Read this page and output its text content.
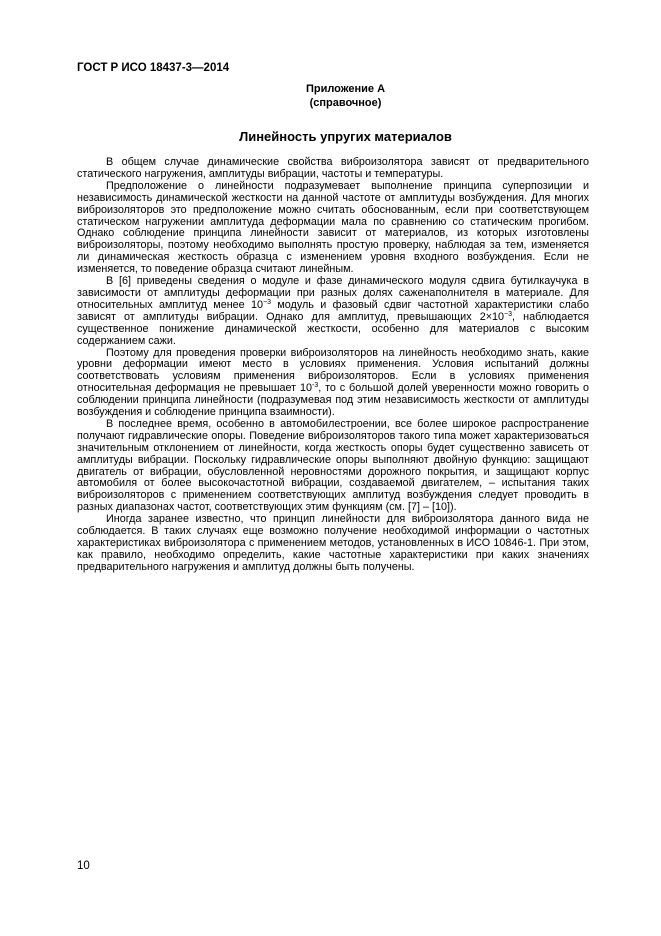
ГОСТ Р ИСО 18437-3—2014
Приложение А
(справочное)
Линейность упругих материалов

В общем случае динамические свойства виброизолятора зависят от предварительного статического нагружения, амплитуды вибрации, частоты и температуры.

Предположение о линейности подразумевает выполнение принципа суперпозиции и независимость динамической жесткости на данной частоте от амплитуды возбуждения. Для многих виброизоляторов это предположение можно считать обоснованным, если при соответствующем статическом нагружении амплитуда деформации мала по сравнению со статическим прогибом. Однако соблюдение принципа линейности зависит от материалов, из которых изготовлены виброизоляторы, поэтому необходимо выполнять простую проверку, наблюдая за тем, изменяется ли динамическая жесткость образца с изменением уровня входного возбуждения. Если не изменяется, то поведение образца считают линейным.

В [6] приведены сведения о модуле и фазе динамического модуля сдвига бутилкаучука в зависимости от амплитуды деформации при разных долях саженаполнителя в материале. Для относительных амплитуд менее $10^{-3}$ модуль и фазовый сдвиг частотной характеристики слабо зависят от амплитуды вибрации. Однако для амплитуд, превышающих $2\times 10^{-3}$, наблюдается существенное понижение динамической жесткости, особенно для материалов с высоким содержанием сажи.

Поэтому для проведения проверки виброизоляторов на линейность необходимо знать, какие уровни деформации имеют место в условиях применения. Условия испытаний должны соответствовать условиям применения виброизоляторов. Если в условиях применения относительная деформация не превышает $10^{-3}$, то с большой долей уверенности можно говорить о соблюдении принципа линейности (подразумевая под этим независимость жесткости от амплитуды возбуждения и соблюдение принципа взаимности).

В последнее время, особенно в автомобилестроении, все более широкое распространение получают гидравлические опоры. Поведение виброизоляторов такого типа может характеризоваться значительным отклонением от линейности, когда жесткость опоры будет существенно зависеть от амплитуды вибрации. Поскольку гидравлические опоры выполняют двойную функцию: защищают двигатель от вибрации, обусловленной неровностями дорожного покрытия, и защищают корпус автомобиля от более высокочастотной вибрации, создаваемой двигателем, – испытания таких виброизоляторов с применением соответствующих амплитуд возбуждения следует проводить в разных диапазонах частот, соответствующих этим функциям (см. [7] – [10]).

Иногда заранее известно, что принцип линейности для виброизолятора данного вида не соблюдается. В таких случаях еще возможно получение необходимой информации о частотных характеристиках виброизолятора с применением методов, установленных в ИСО 10846-1. При этом, как правило, необходимо определить, какие частотные характеристики при каких значениях предварительного нагружения и амплитуд должны быть получены.

10
